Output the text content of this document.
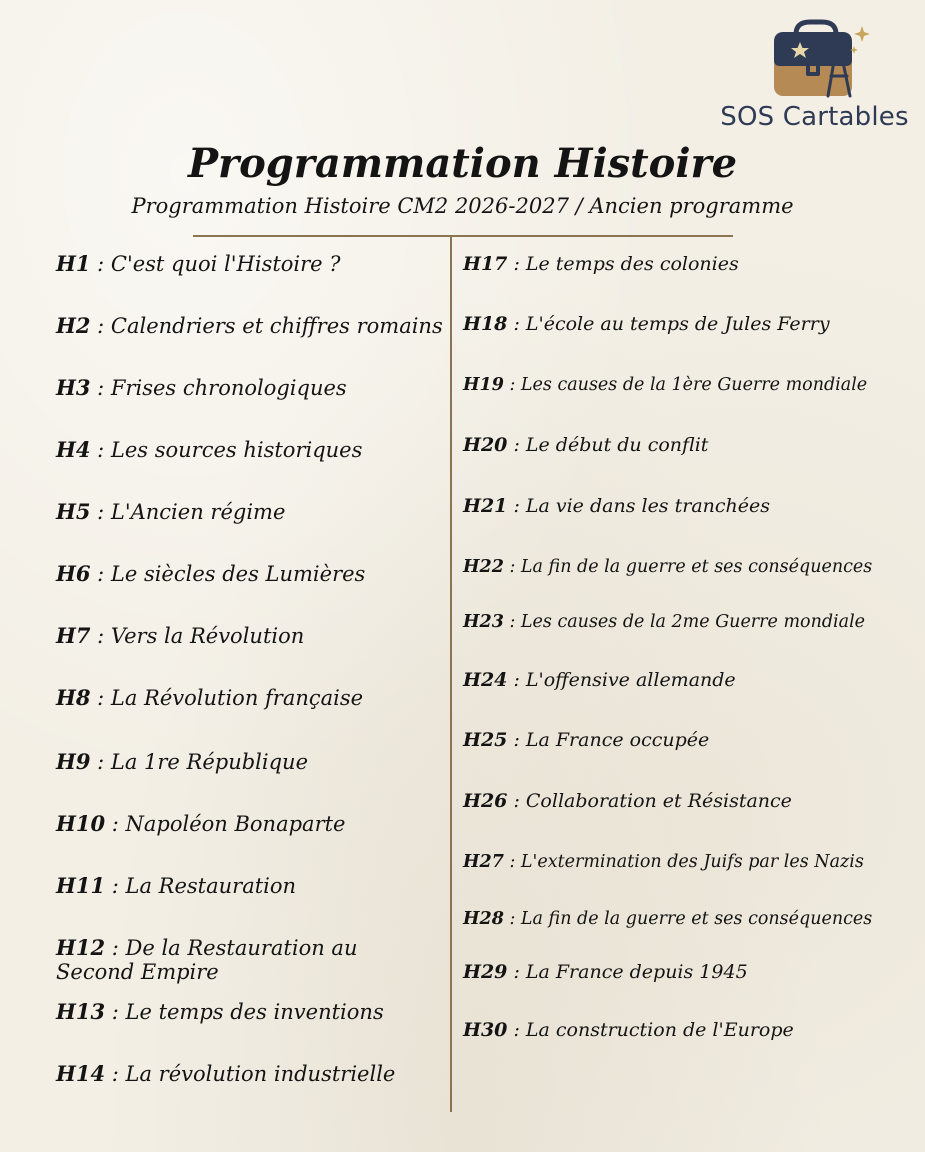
SOS Cartables
Programmation Histoire
Programmation Histoire CM2 2026-2027 / Ancien programme
H1 : C'est quoi l'Histoire ?
H2 : Calendriers et chiffres romains
H3 : Frises chronologiques
H4 : Les sources historiques
H5 : L'Ancien régime
H6 : Le siècles des Lumières
H7 : Vers la Révolution
H8 : La Révolution française
H9 : La 1re République
H10 : Napoléon Bonaparte
H11 : La Restauration
H12 : De la Restauration au Second Empire
H13 : Le temps des inventions
H14 : La révolution industrielle
H17 : Le temps des colonies
H18 : L'école au temps de Jules Ferry
H19 : Les causes de la 1ère Guerre mondiale
H20 : Le début du conflit
H21 : La vie dans les tranchées
H22 : La fin de la guerre et ses conséquences
H23 : Les causes de la 2me Guerre mondiale
H24 : L'offensive allemande
H25 : La France occupée
H26 : Collaboration et Résistance
H27 : L'extermination des Juifs par les Nazis
H28 : La fin de la guerre et ses conséquences
H29 : La France depuis 1945
H30 : La construction de l'Europe
